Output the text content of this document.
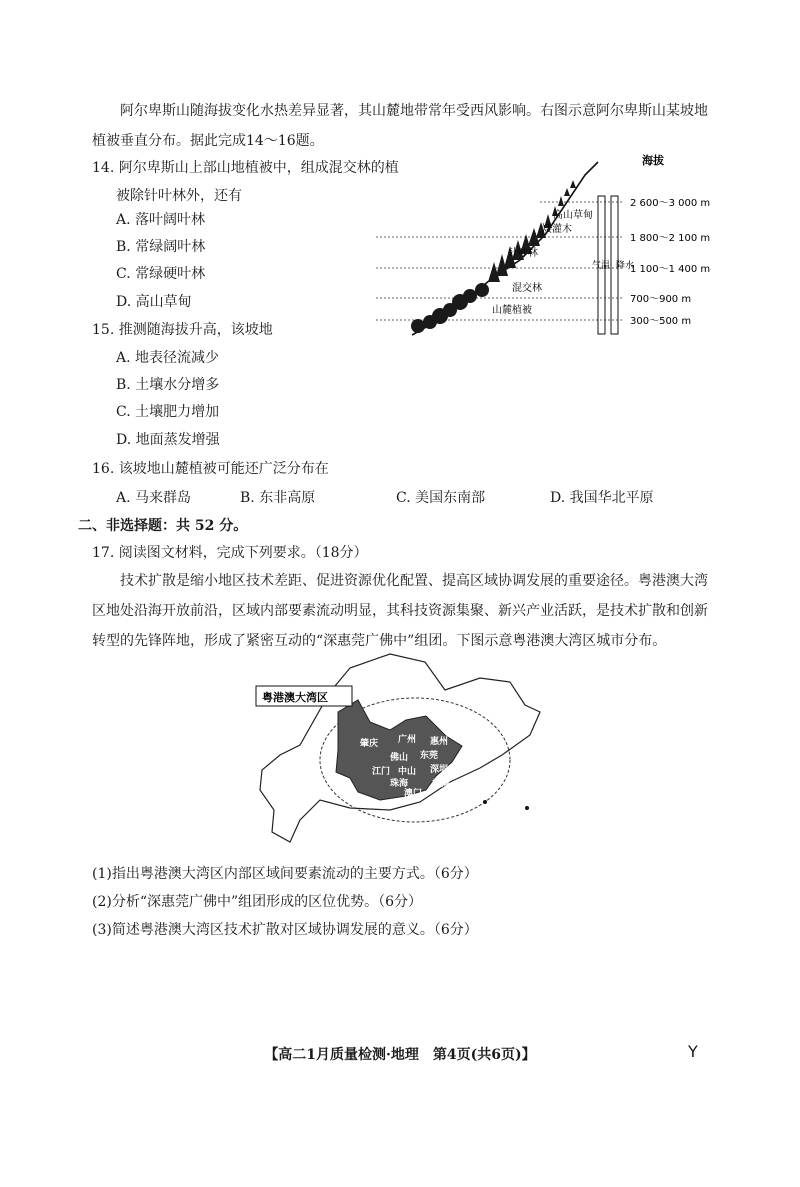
阿尔卑斯山随海拔变化水热差异显著，其山麓地带常年受西风影响。右图示意阿尔卑斯山某坡地植被垂直分布。据此完成14～16题。
14. 阿尔卑斯山上部山地植被中，组成混交林的植
被除针叶林外，还有
A. 落叶阔叶林
B. 常绿阔叶林
C. 常绿硬叶林
D. 高山草甸
15. 推测随海拔升高，该坡地
A. 地表径流减少
B. 土壤水分增多
C. 土壤肥力增加
D. 地面蒸发增强
16. 该坡地山麓植被可能还广泛分布在
A. 马来群岛	B. 东非高原	C. 美国东南部	D. 我国华北平原
二、非选择题：共 52 分。
17. 阅读图文材料，完成下列要求。（18分）
技术扩散是缩小地区技术差距、促进资源优化配置、提高区域协调发展的重要途径。粤港澳大湾区地处沿海开放前沿，区域内部要素流动明显，其科技资源集聚、新兴产业活跃，是技术扩散和创新转型的先锋阵地，形成了紧密互动的“深惠莞广佛中”组团。下图示意粤港澳大湾区城市分布。
(1)指出粤港澳大湾区内部区域间要素流动的主要方式。（6分）
(2)分析“深惠莞广佛中”组团形成的区位优势。（6分）
(3)简述粤港澳大湾区技术扩散对区域协调发展的意义。（6分）
海拔
高山草甸
矮灌木
针叶林
混交林
山麓植被
气温 降水
2 600～3 000 m
1 800～2 100 m
1 100～1 400 m
700～900 m
300～500 m
粤港澳大湾区
肇庆 广州 惠州
佛山 东莞
江门 中山 深圳
珠海	香港
澳门
【高二1月质量检测·地理　第4页(共6页)】	Y
